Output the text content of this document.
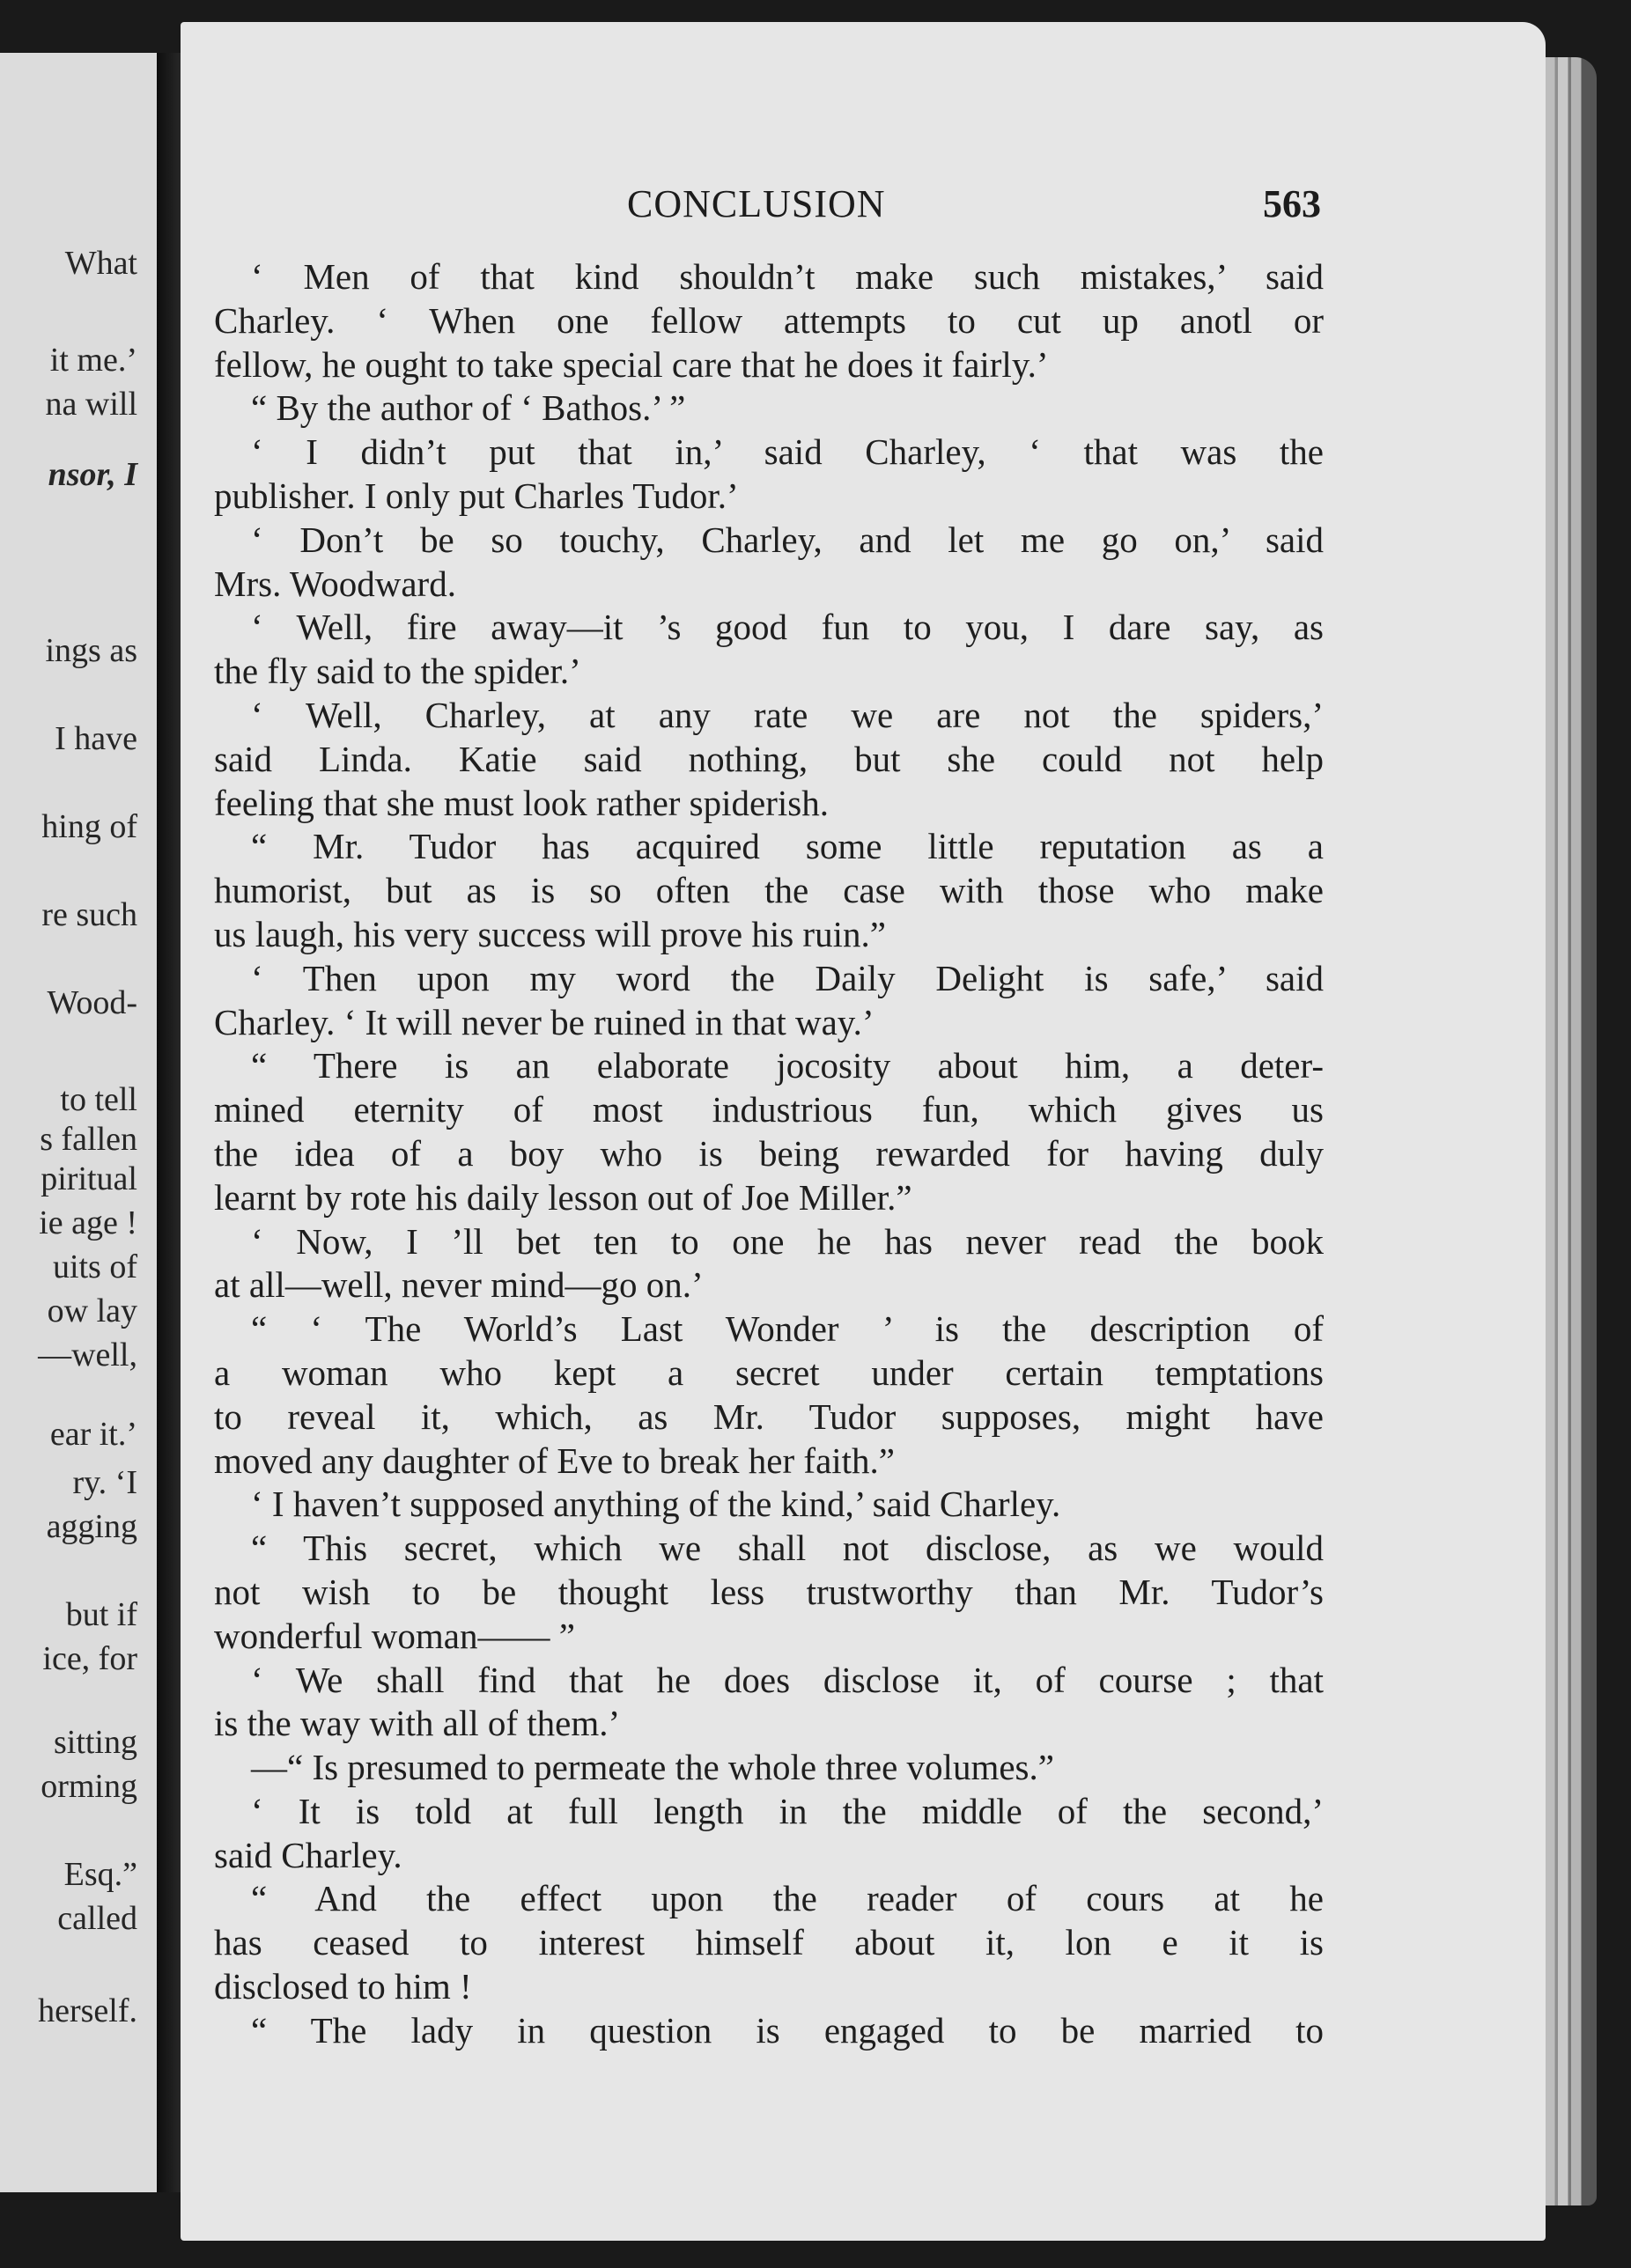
What
it me.’
na will
nsor, I
ings as
I have
hing of
re such
Wood-
to tell
s fallen
piritual
ie age !
uits of
ow lay
—well,
ear it.’
ry. ‘I
agging
but if
ice, for
sitting
orming
Esq.”
called
herself.
CONCLUSION	563
‘ Men of that kind shouldn’t make such mistakes,’ said
Charley. ‘ When one fellow attempts to cut up anotl or
fellow, he ought to take special care that he does it fairly.’
“ By the author of ‘ Bathos.’ ”
‘ I didn’t put that in,’ said Charley, ‘ that was the
publisher. I only put Charles Tudor.’
‘ Don’t be so touchy, Charley, and let me go on,’ said
Mrs. Woodward.
‘ Well, fire away—it ’s good fun to you, I dare say, as
the fly said to the spider.’
‘ Well, Charley, at any rate we are not the spiders,’
said Linda. Katie said nothing, but she could not help
feeling that she must look rather spiderish.
“ Mr. Tudor has acquired some little reputation as a
humorist, but as is so often the case with those who make
us laugh, his very success will prove his ruin.”
‘ Then upon my word the Daily Delight is safe,’ said
Charley. ‘ It will never be ruined in that way.’
“ There is an elaborate jocosity about him, a deter-
mined eternity of most industrious fun, which gives us
the idea of a boy who is being rewarded for having duly
learnt by rote his daily lesson out of Joe Miller.”
‘ Now, I ’ll bet ten to one he has never read the book
at all—well, never mind—go on.’
“ ‘ The World’s Last Wonder ’ is the description of
a woman who kept a secret under certain temptations
to reveal it, which, as Mr. Tudor supposes, might have
moved any daughter of Eve to break her faith.”
‘ I haven’t supposed anything of the kind,’ said Charley.
“ This secret, which we shall not disclose, as we would
not wish to be thought less trustworthy than Mr. Tudor’s
wonderful woman—— ”
‘ We shall find that he does disclose it, of course ; that
is the way with all of them.’
—“ Is presumed to permeate the whole three volumes.”
‘ It is told at full length in the middle of the second,’
said Charley.
“ And the effect upon the reader of cours at he
has ceased to interest himself about it, lon e it is
disclosed to him !
“ The lady in question is engaged to be married to
